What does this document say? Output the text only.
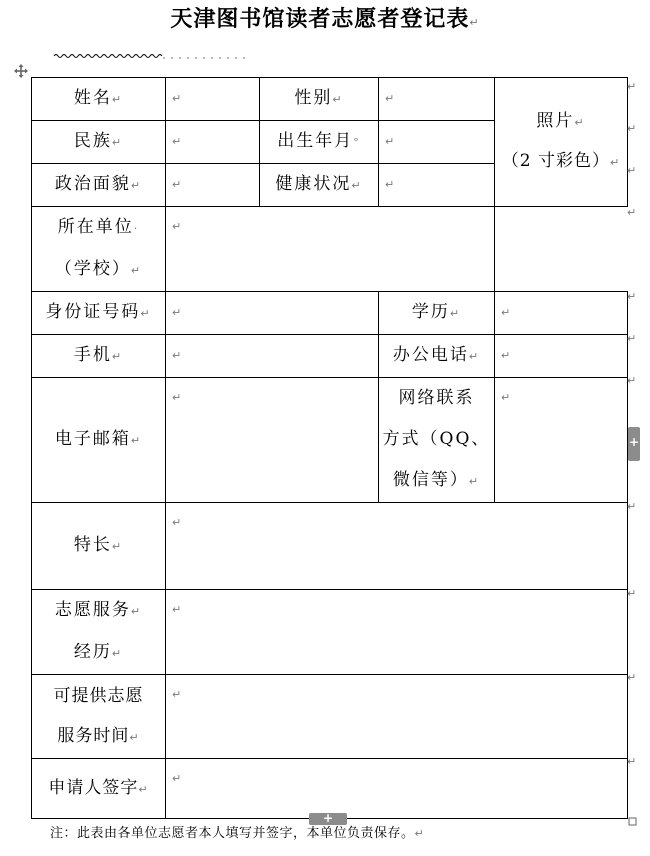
天津图书馆读者志愿者登记表↵
姓名↵	↵	性别↵	↵	照片↵
（2 寸彩色）↵

民族↵	↵	出生年月°	↵	

政治面貌↵	↵	健康状况↵	↵	

所在单位·
（学校）↵	↵			

身份证号码↵	↵		学历↵	↵

手机↵	↵		办公电话↵	↵

电子邮箱↵	↵		网络联系
方式（QQ、
微信等）↵	↵

特长↵	↵			

志愿服务↵
经历↵	↵			

可提供志愿
服务时间↵	↵			

申请人签字↵	↵			
↵
↵
↵
↵
↵
↵
↵
↵
↵
↵
↵
+
+
注：此表由各单位志愿者本人填写并签字，本单位负责保存。↵
